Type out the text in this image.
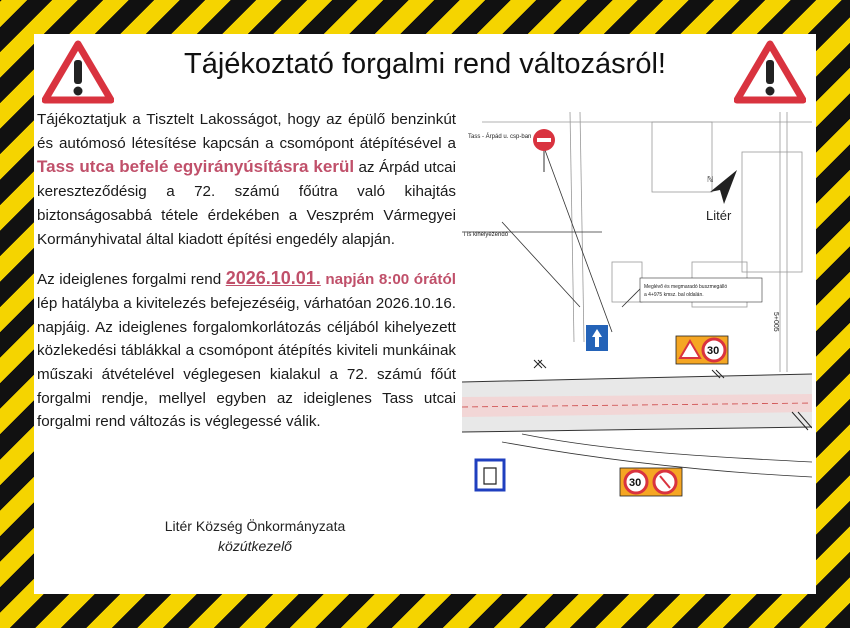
Tájékoztató forgalmi rend változásról!

Tájékoztatjuk a Tisztelt Lakosságot, hogy az épülő benzinkút és autómosó létesítése kapcsán a csomópont átépítésével a Tass utca befelé egyirányúsításra kerül az Árpád utcai kereszteződésig a 72. számú főútra való kihajtás biztonságosabbá tétele érdekében a Veszprém Vármegyei Kormányhivatal által kiadott építési engedély alapján.

Az ideiglenes forgalmi rend 2026.10.01. napján 8:00 órától lép hatályba a kivitelezés befejezéséig, várhatóan 2026.10.16. napjáig. Az ideiglenes forgalomkorlátozás céljából kihelyezett közlekedési táblákkal a csomópont átépítés kiviteli munkáinak műszaki átvételével véglegesen kialakul a 72. számú főút forgalmi rendje, mellyel egyben az ideiglenes Tass utcai forgalmi rend változás is véglegessé válik.

Litér Község Önkormányzata
közútkezelő
Tass - Árpád u. csp-ban
i is kihelyezendő
ℕ
Litér
Meglévő és megmaradó buszmegálló
a 4+975 kmsz. bal oldalán.
5+005
30
30
